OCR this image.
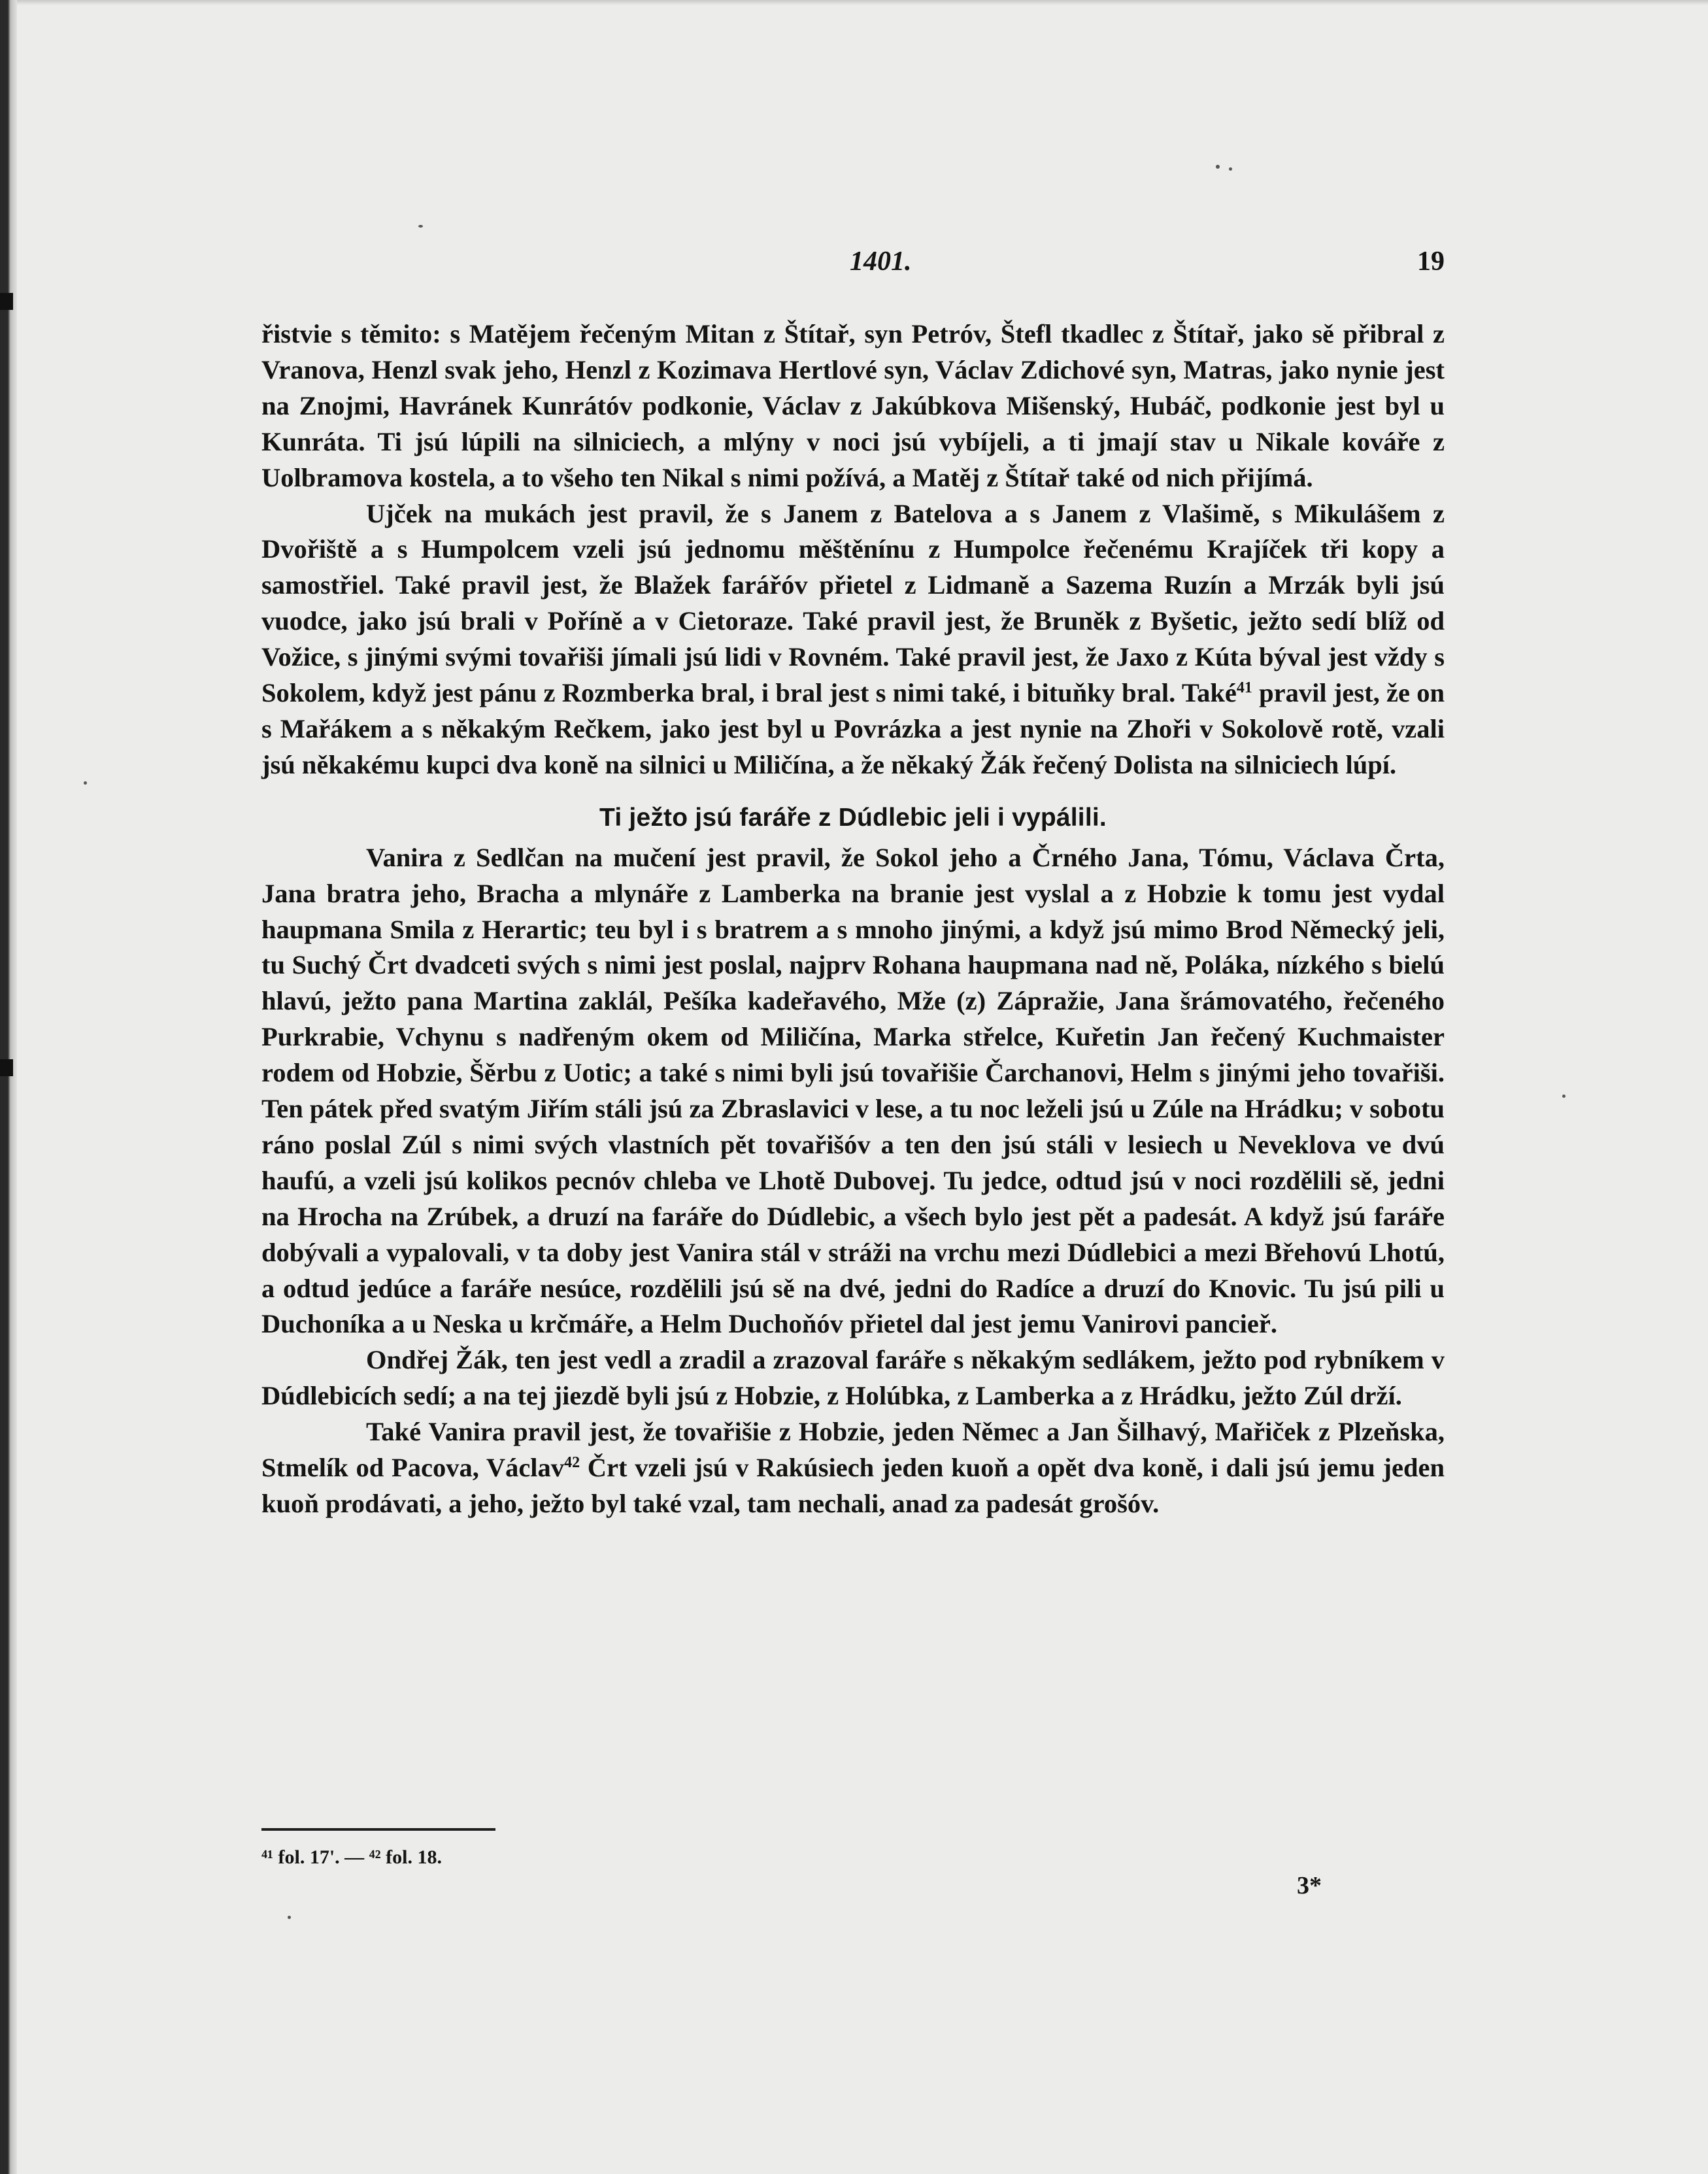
1401.	19

řistvie s těmito: s Matějem řečeným Mitan z Štítař, syn Petróv, Štefl tkadlec z Štítař, jako sě přibral z Vranova, Henzl svak jeho, Henzl z Kozimava Hertlové syn, Václav Zdichové syn, Matras, jako nynie jest na Znojmi, Havránek Kunrátóv podkonie, Václav z Jakúbkova Mišenský, Hubáč, podkonie jest byl u Kunráta. Ti jsú lúpili na silniciech, a mlýny v noci jsú vybíjeli, a ti jmají stav u Nikale kováře z Uolbramova kostela, a to všeho ten Nikal s nimi požívá, a Matěj z Štítař také od nich přijímá.

Ujček na mukách jest pravil, že s Janem z Batelova a s Janem z Vlašimě, s Mikulášem z Dvořiště a s Humpolcem vzeli jsú jednomu měštěnínu z Humpolce řečenému Krajíček tři kopy a samostřiel. Také pravil jest, že Blažek farářóv přietel z Lidmaně a Sazema Ruzín a Mrzák byli jsú vuodce, jako jsú brali v Poříně a v Cietoraze. Také pravil jest, že Bruněk z Byšetic, ježto sedí blíž od Vožice, s jinými svými tovařiši jímali jsú lidi v Rovném. Také pravil jest, že Jaxo z Kúta býval jest vždy s Sokolem, když jest pánu z Rozmberka bral, i bral jest s nimi také, i bituňky bral. Také$^{41}$ pravil jest, že on s Mařákem a s někakým Rečkem, jako jest byl u Povrázka a jest nynie na Zhoři v Sokolově rotě, vzali jsú někakému kupci dva koně na silnici u Miličína, a že někaký Žák řečený Dolista na silniciech lúpí.

Ti ježto jsú faráře z Dúdlebic jeli i vypálili.

Vanira z Sedlčan na mučení jest pravil, že Sokol jeho a Črného Jana, Tómu, Václava Črta, Jana bratra jeho, Bracha a mlynáře z Lamberka na branie jest vyslal a z Hobzie k tomu jest vydal haupmana Smila z Herartic; teu byl i s bratrem a s mnoho jinými, a když jsú mimo Brod Německý jeli, tu Suchý Črt dvadceti svých s nimi jest poslal, najprv Rohana haupmana nad ně, Poláka, nízkého s bielú hlavú, ježto pana Martina zaklál, Pešíka kadeřavého, Mže (z) Zápražie, Jana šrámovatého, řečeného Purkrabie, Vchynu s nadřeným okem od Miličína, Marka střelce, Kuřetin Jan řečený Kuchmaister rodem od Hobzie, Šěrbu z Uotic; a také s nimi byli jsú tovařišie Čarchanovi, Helm s jinými jeho tovařiši. Ten pátek před svatým Jiřím stáli jsú za Zbraslavici v lese, a tu noc leželi jsú u Zúle na Hrádku; v sobotu ráno poslal Zúl s nimi svých vlastních pět tovařišóv a ten den jsú stáli v lesiech u Neveklova ve dvú haufú, a vzeli jsú kolikos pecnóv chleba ve Lhotě Dubovej. Tu jedce, odtud jsú v noci rozdělili sě, jedni na Hrocha na Zrúbek, a druzí na faráře do Dúdlebic, a všech bylo jest pět a padesát. A když jsú faráře dobývali a vypalovali, v ta doby jest Vanira stál v stráži na vrchu mezi Dúdlebici a mezi Břehovú Lhotú, a odtud jedúce a faráře nesúce, rozdělili jsú sě na dvé, jedni do Radíce a druzí do Knovic. Tu jsú pili u Duchoníka a u Neska u krčmáře, a Helm Duchoňóv přietel dal jest jemu Vanirovi pancieř.

Ondřej Žák, ten jest vedl a zradil a zrazoval faráře s někakým sedlákem, ježto pod rybníkem v Dúdlebicích sedí; a na tej jiezdě byli jsú z Hobzie, z Holúbka, z Lamberka a z Hrádku, ježto Zúl drží.

Také Vanira pravil jest, že tovařišie z Hobzie, jeden Němec a Jan Šilhavý, Mařiček z Plzeňska, Stmelík od Pacova, Václav$^{42}$ Črt vzeli jsú v Rakúsiech jeden kuoň a opět dva koně, i dali jsú jemu jeden kuoň prodávati, a jeho, ježto byl také vzal, tam nechali, anad za padesát grošóv.

⁴¹ fol. 17'. — ⁴² fol. 18.
3*
